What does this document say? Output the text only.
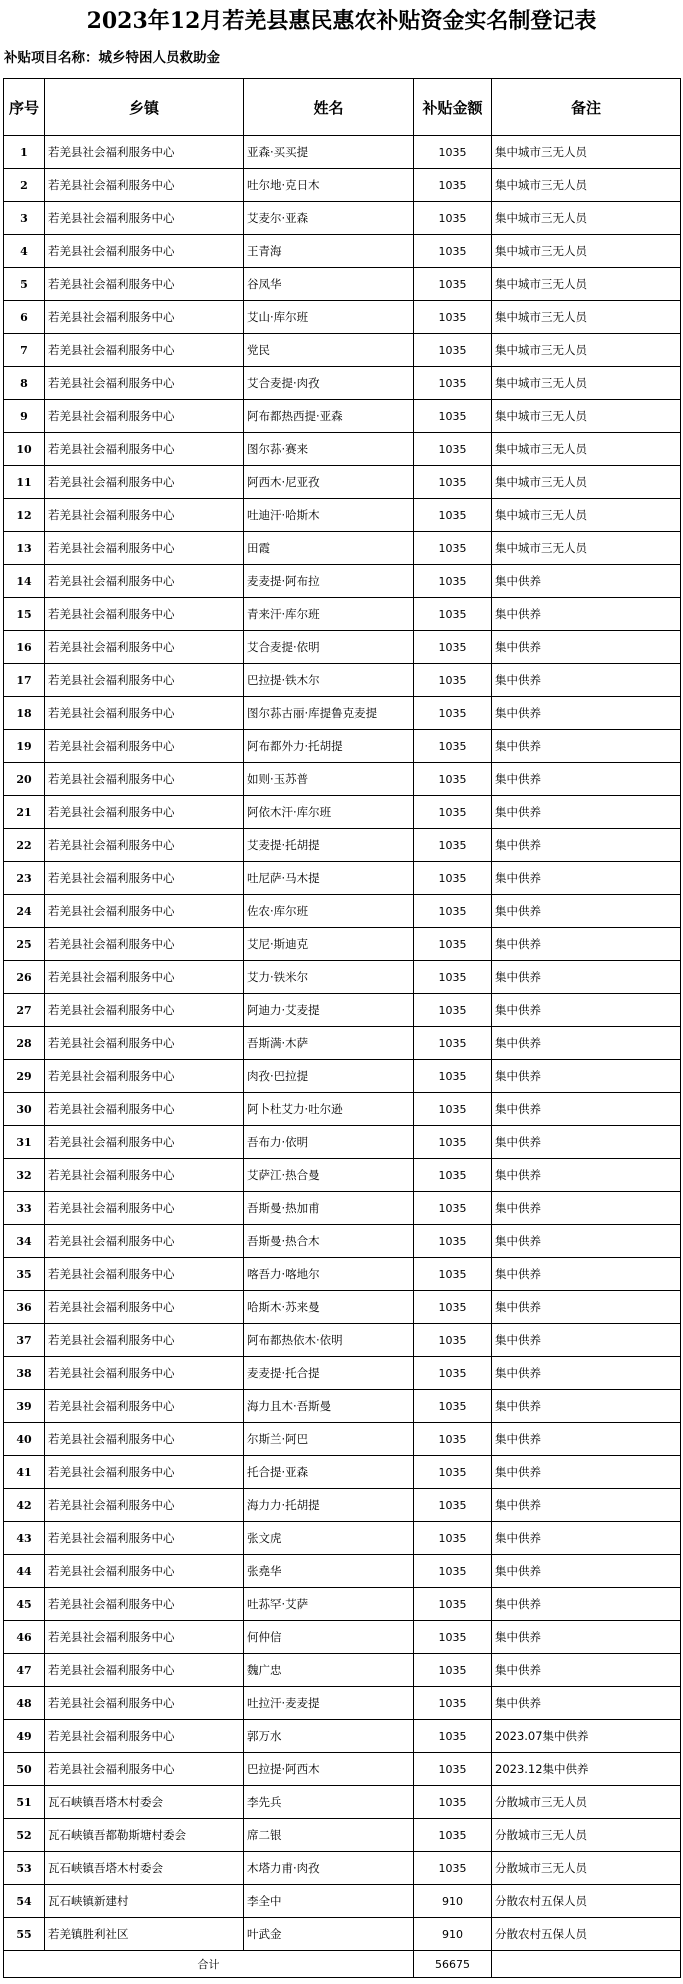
2023年12月若羌县惠民惠农补贴资金实名制登记表
补贴项目名称：城乡特困人员救助金
序号	乡镇	姓名	补贴金额	备注
1	若羌县社会福利服务中心	亚森·买买提	1035	集中城市三无人员
2	若羌县社会福利服务中心	吐尔地·克日木	1035	集中城市三无人员
3	若羌县社会福利服务中心	艾麦尔·亚森	1035	集中城市三无人员
4	若羌县社会福利服务中心	王青海	1035	集中城市三无人员
5	若羌县社会福利服务中心	谷凤华	1035	集中城市三无人员
6	若羌县社会福利服务中心	艾山·库尔班	1035	集中城市三无人员
7	若羌县社会福利服务中心	党民	1035	集中城市三无人员
8	若羌县社会福利服务中心	艾合麦提·肉孜	1035	集中城市三无人员
9	若羌县社会福利服务中心	阿布都热西提·亚森	1035	集中城市三无人员
10	若羌县社会福利服务中心	图尔荪·赛来	1035	集中城市三无人员
11	若羌县社会福利服务中心	阿西木·尼亚孜	1035	集中城市三无人员
12	若羌县社会福利服务中心	吐迪汗·哈斯木	1035	集中城市三无人员
13	若羌县社会福利服务中心	田霞	1035	集中城市三无人员
14	若羌县社会福利服务中心	麦麦提·阿布拉	1035	集中供养
15	若羌县社会福利服务中心	青来汗·库尔班	1035	集中供养
16	若羌县社会福利服务中心	艾合麦提·依明	1035	集中供养
17	若羌县社会福利服务中心	巴拉提·铁木尔	1035	集中供养
18	若羌县社会福利服务中心	图尔荪古丽·库提鲁克麦提	1035	集中供养
19	若羌县社会福利服务中心	阿布都外力·托胡提	1035	集中供养
20	若羌县社会福利服务中心	如则·玉苏普	1035	集中供养
21	若羌县社会福利服务中心	阿依木汗·库尔班	1035	集中供养
22	若羌县社会福利服务中心	艾麦提·托胡提	1035	集中供养
23	若羌县社会福利服务中心	吐尼萨·马木提	1035	集中供养
24	若羌县社会福利服务中心	佐农·库尔班	1035	集中供养
25	若羌县社会福利服务中心	艾尼·斯迪克	1035	集中供养
26	若羌县社会福利服务中心	艾力·铁米尔	1035	集中供养
27	若羌县社会福利服务中心	阿迪力·艾麦提	1035	集中供养
28	若羌县社会福利服务中心	吾斯满·木萨	1035	集中供养
29	若羌县社会福利服务中心	肉孜·巴拉提	1035	集中供养
30	若羌县社会福利服务中心	阿卜杜艾力·吐尔逊	1035	集中供养
31	若羌县社会福利服务中心	吾布力·依明	1035	集中供养
32	若羌县社会福利服务中心	艾萨江·热合曼	1035	集中供养
33	若羌县社会福利服务中心	吾斯曼·热加甫	1035	集中供养
34	若羌县社会福利服务中心	吾斯曼·热合木	1035	集中供养
35	若羌县社会福利服务中心	喀吾力·喀地尔	1035	集中供养
36	若羌县社会福利服务中心	哈斯木·苏来曼	1035	集中供养
37	若羌县社会福利服务中心	阿布都热依木·依明	1035	集中供养
38	若羌县社会福利服务中心	麦麦提·托合提	1035	集中供养
39	若羌县社会福利服务中心	海力且木·吾斯曼	1035	集中供养
40	若羌县社会福利服务中心	尔斯兰·阿巴	1035	集中供养
41	若羌县社会福利服务中心	托合提·亚森	1035	集中供养
42	若羌县社会福利服务中心	海力力·托胡提	1035	集中供养
43	若羌县社会福利服务中心	张文虎	1035	集中供养
44	若羌县社会福利服务中心	张堯华	1035	集中供养
45	若羌县社会福利服务中心	吐荪罕·艾萨	1035	集中供养
46	若羌县社会福利服务中心	何仲信	1035	集中供养
47	若羌县社会福利服务中心	魏广忠	1035	集中供养
48	若羌县社会福利服务中心	吐拉汗·麦麦提	1035	集中供养
49	若羌县社会福利服务中心	郭万水	1035	2023.07集中供养
50	若羌县社会福利服务中心	巴拉提·阿西木	1035	2023.12集中供养
51	瓦石峡镇吾塔木村委会	李先兵	1035	分散城市三无人员
52	瓦石峡镇吾都勒斯塘村委会	席二银	1035	分散城市三无人员
53	瓦石峡镇吾塔木村委会	木塔力甫·肉孜	1035	分散城市三无人员
54	瓦石峡镇新建村	李全中	910	分散农村五保人员
55	若羌镇胜利社区	叶武金	910	分散农村五保人员
合计			56675	
